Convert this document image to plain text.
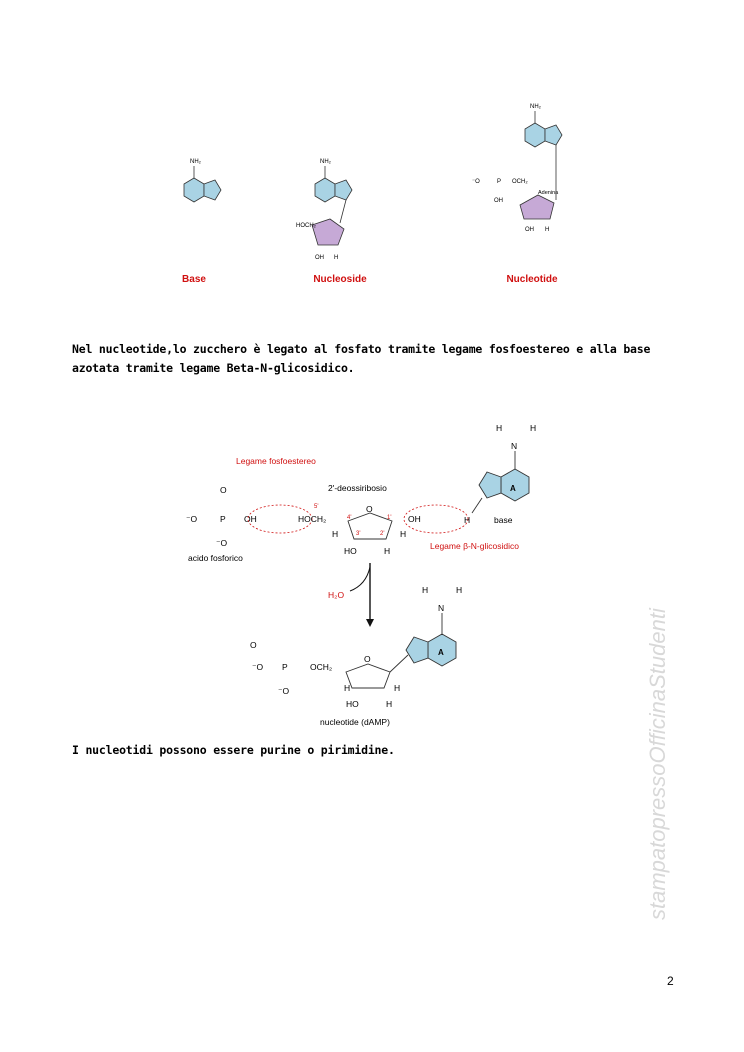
NH₂
Base
NH₂
HOCH₂
OH H
Nucleoside
NH₂
⁻O	P OCH₂
OH
Adenina
OH H
Nucleotide
Nel nucleotide,lo zucchero è legato al fosfato tramite legame fosfoestereo e alla base azotata tramite legame Beta-N-glicosidico.
Legame fosfoestereo
2'-deossiribosio
⁻O	P OH
O
⁻O
acido fosforico
HOCH₂
O
OH
5'
4'	1'
3'	2'
H	H
HO	H	Legame β-N-glicosidico
A
N
H	H
H	base
H₂O
O
⁻O P	OCH₂
⁻O
O
H	H
HO	H
A
N
H	H
nucleotide (dAMP)
I nucleotidi possono essere purine o pirimidine.	stampatopressoOfficinaStudenti
2
